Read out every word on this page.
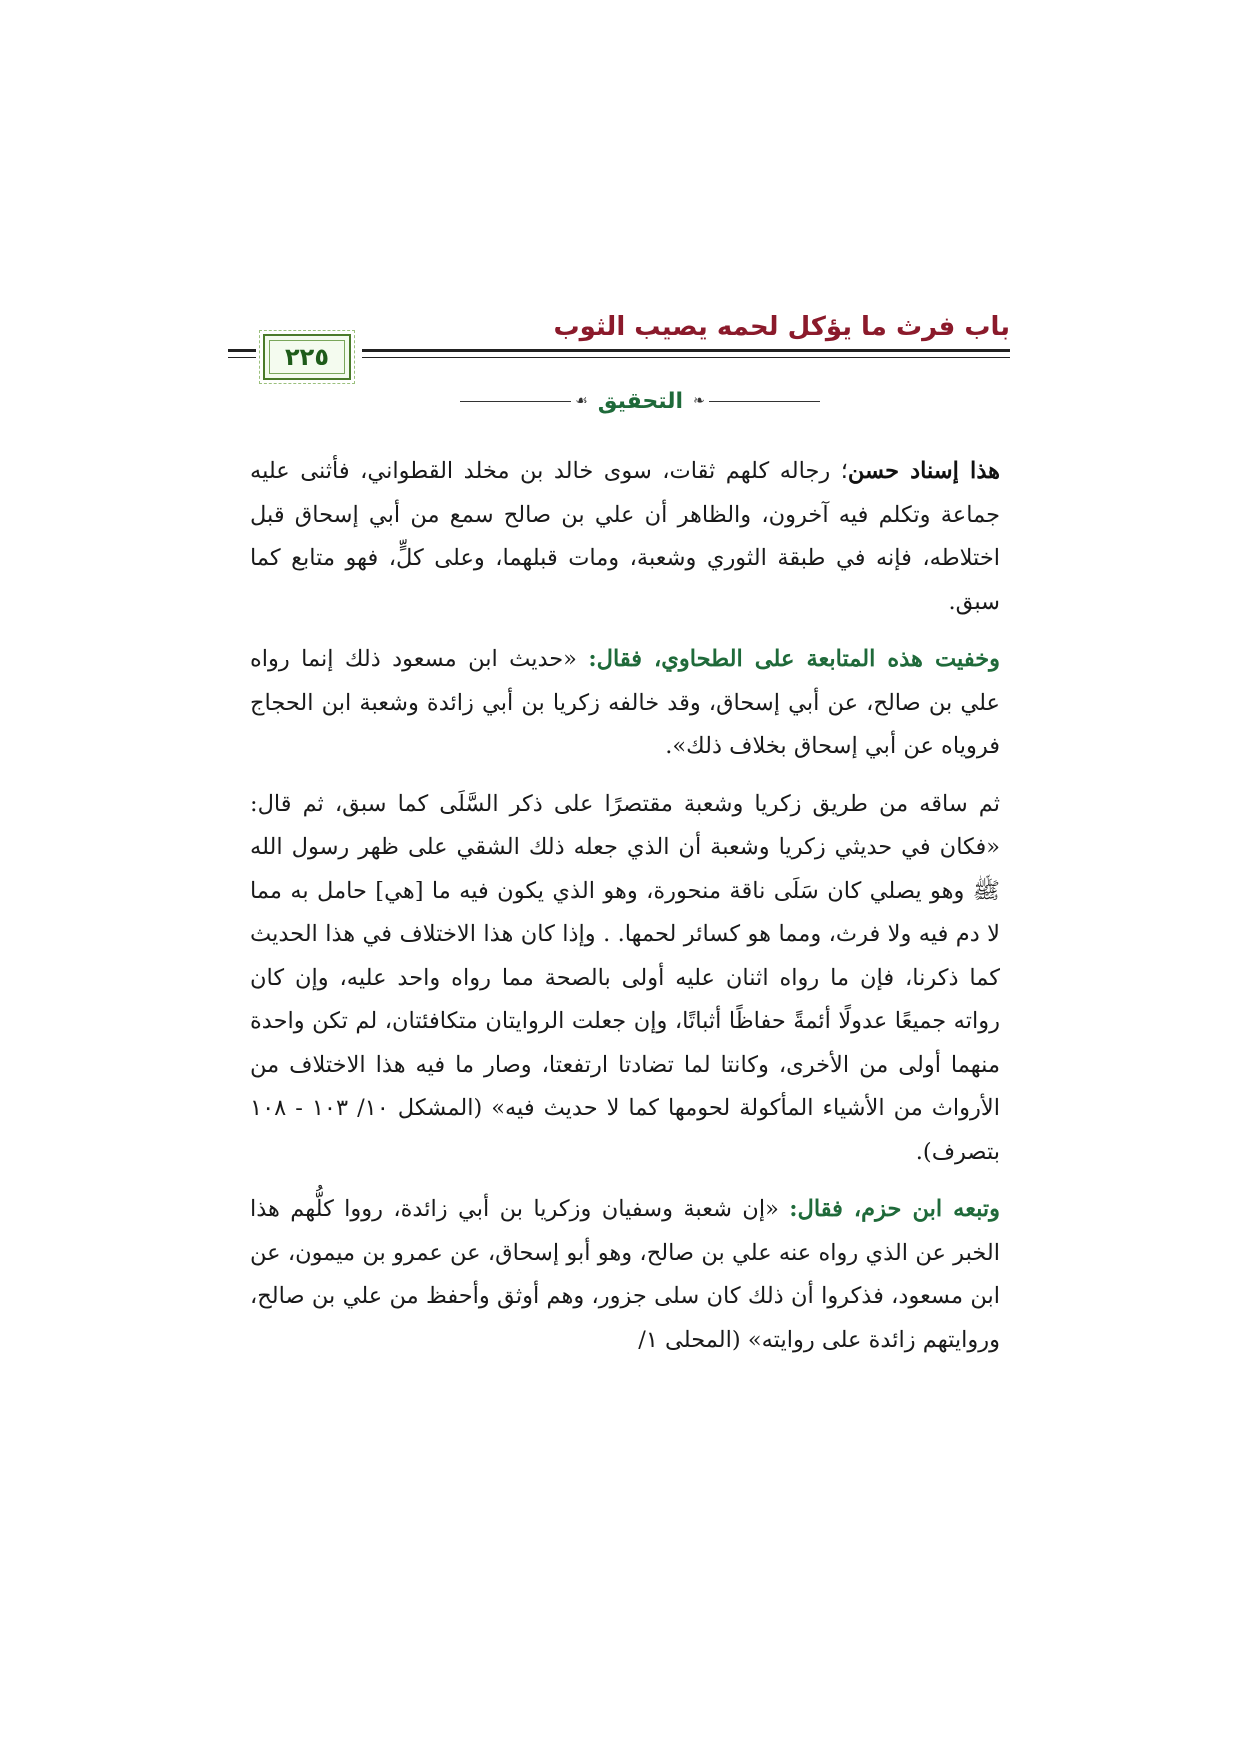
باب فرث ما يؤكل لحمه يصيب الثوب
٢٢٥
❧
التحقيق
☙

هذا إسناد حسن؛ رجاله كلهم ثقات، سوى خالد بن مخلد القطواني، فأثنى عليه جماعة وتكلم فيه آخرون، والظاهر أن علي بن صالح سمع من أبي إسحاق قبل اختلاطه، فإنه في طبقة الثوري وشعبة، ومات قبلهما، وعلى كلٍّ، فهو متابع كما سبق.

وخفيت هذه المتابعة على الطحاوي، فقال: «حديث ابن مسعود ذلك إنما رواه علي بن صالح، عن أبي إسحاق، وقد خالفه زكريا بن أبي زائدة وشعبة ابن الحجاج فروياه عن أبي إسحاق بخلاف ذلك».

ثم ساقه من طريق زكريا وشعبة مقتصرًا على ذكر السَّلَى كما سبق، ثم قال: «فكان في حديثي زكريا وشعبة أن الذي جعله ذلك الشقي على ظهر رسول الله ﷺ وهو يصلي كان سَلَى ناقة منحورة، وهو الذي يكون فيه ما [هي] حامل به مما لا دم فيه ولا فرث، ومما هو كسائر لحمها. . وإذا كان هذا الاختلاف في هذا الحديث كما ذكرنا، فإن ما رواه اثنان عليه أولى بالصحة مما رواه واحد عليه، وإن كان رواته جميعًا عدولًا أئمةً حفاظًا أثباتًا، وإن جعلت الروايتان متكافئتان، لم تكن واحدة منهما أولى من الأخرى، وكانتا لما تضادتا ارتفعتا، وصار ما فيه هذا الاختلاف من الأرواث من الأشياء المأكولة لحومها كما لا حديث فيه» (المشكل ١٠/ ١٠٣ - ١٠٨ بتصرف).

وتبعه ابن حزم، فقال: «إن شعبة وسفيان وزكريا بن أبي زائدة، رووا كلُّهم هذا الخبر عن الذي رواه عنه علي بن صالح، وهو أبو إسحاق، عن عمرو بن ميمون، عن ابن مسعود، فذكروا أن ذلك كان سلى جزور، وهم أوثق وأحفظ من علي بن صالح، وروايتهم زائدة على روايته» (المحلى ١/
